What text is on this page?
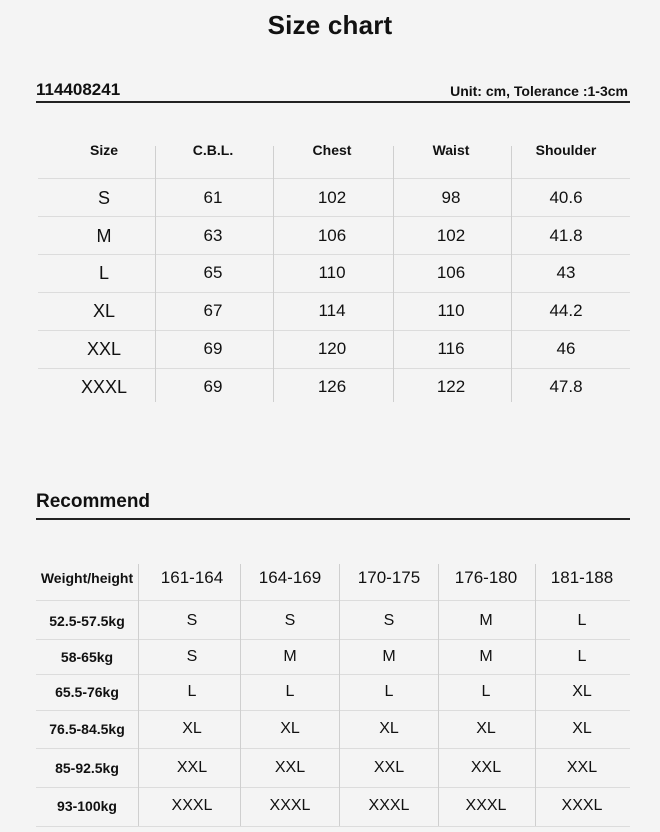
Size chart
114408241	Unit: cm, Tolerance :1-3cm
Size	C.B.L.	Chest	Waist	Shoulder
S	61	102	98	40.6
M	63	106	102	41.8
L	65	110	106	43
XL	67	114	110	44.2
XXL	69	120	116	46
XXXL	69	126	122	47.8
Recommend
Weight/height	161-164	164-169	170-175	176-180	181-188
52.5-57.5kg	S	S	S	M	L
58-65kg	S	M	M	M	L
65.5-76kg	L	L	L	L	XL
76.5-84.5kg	XL	XL	XL	XL	XL
85-92.5kg	XXL	XXL	XXL	XXL	XXL
93-100kg	XXXL	XXXL	XXXL	XXXL	XXXL
